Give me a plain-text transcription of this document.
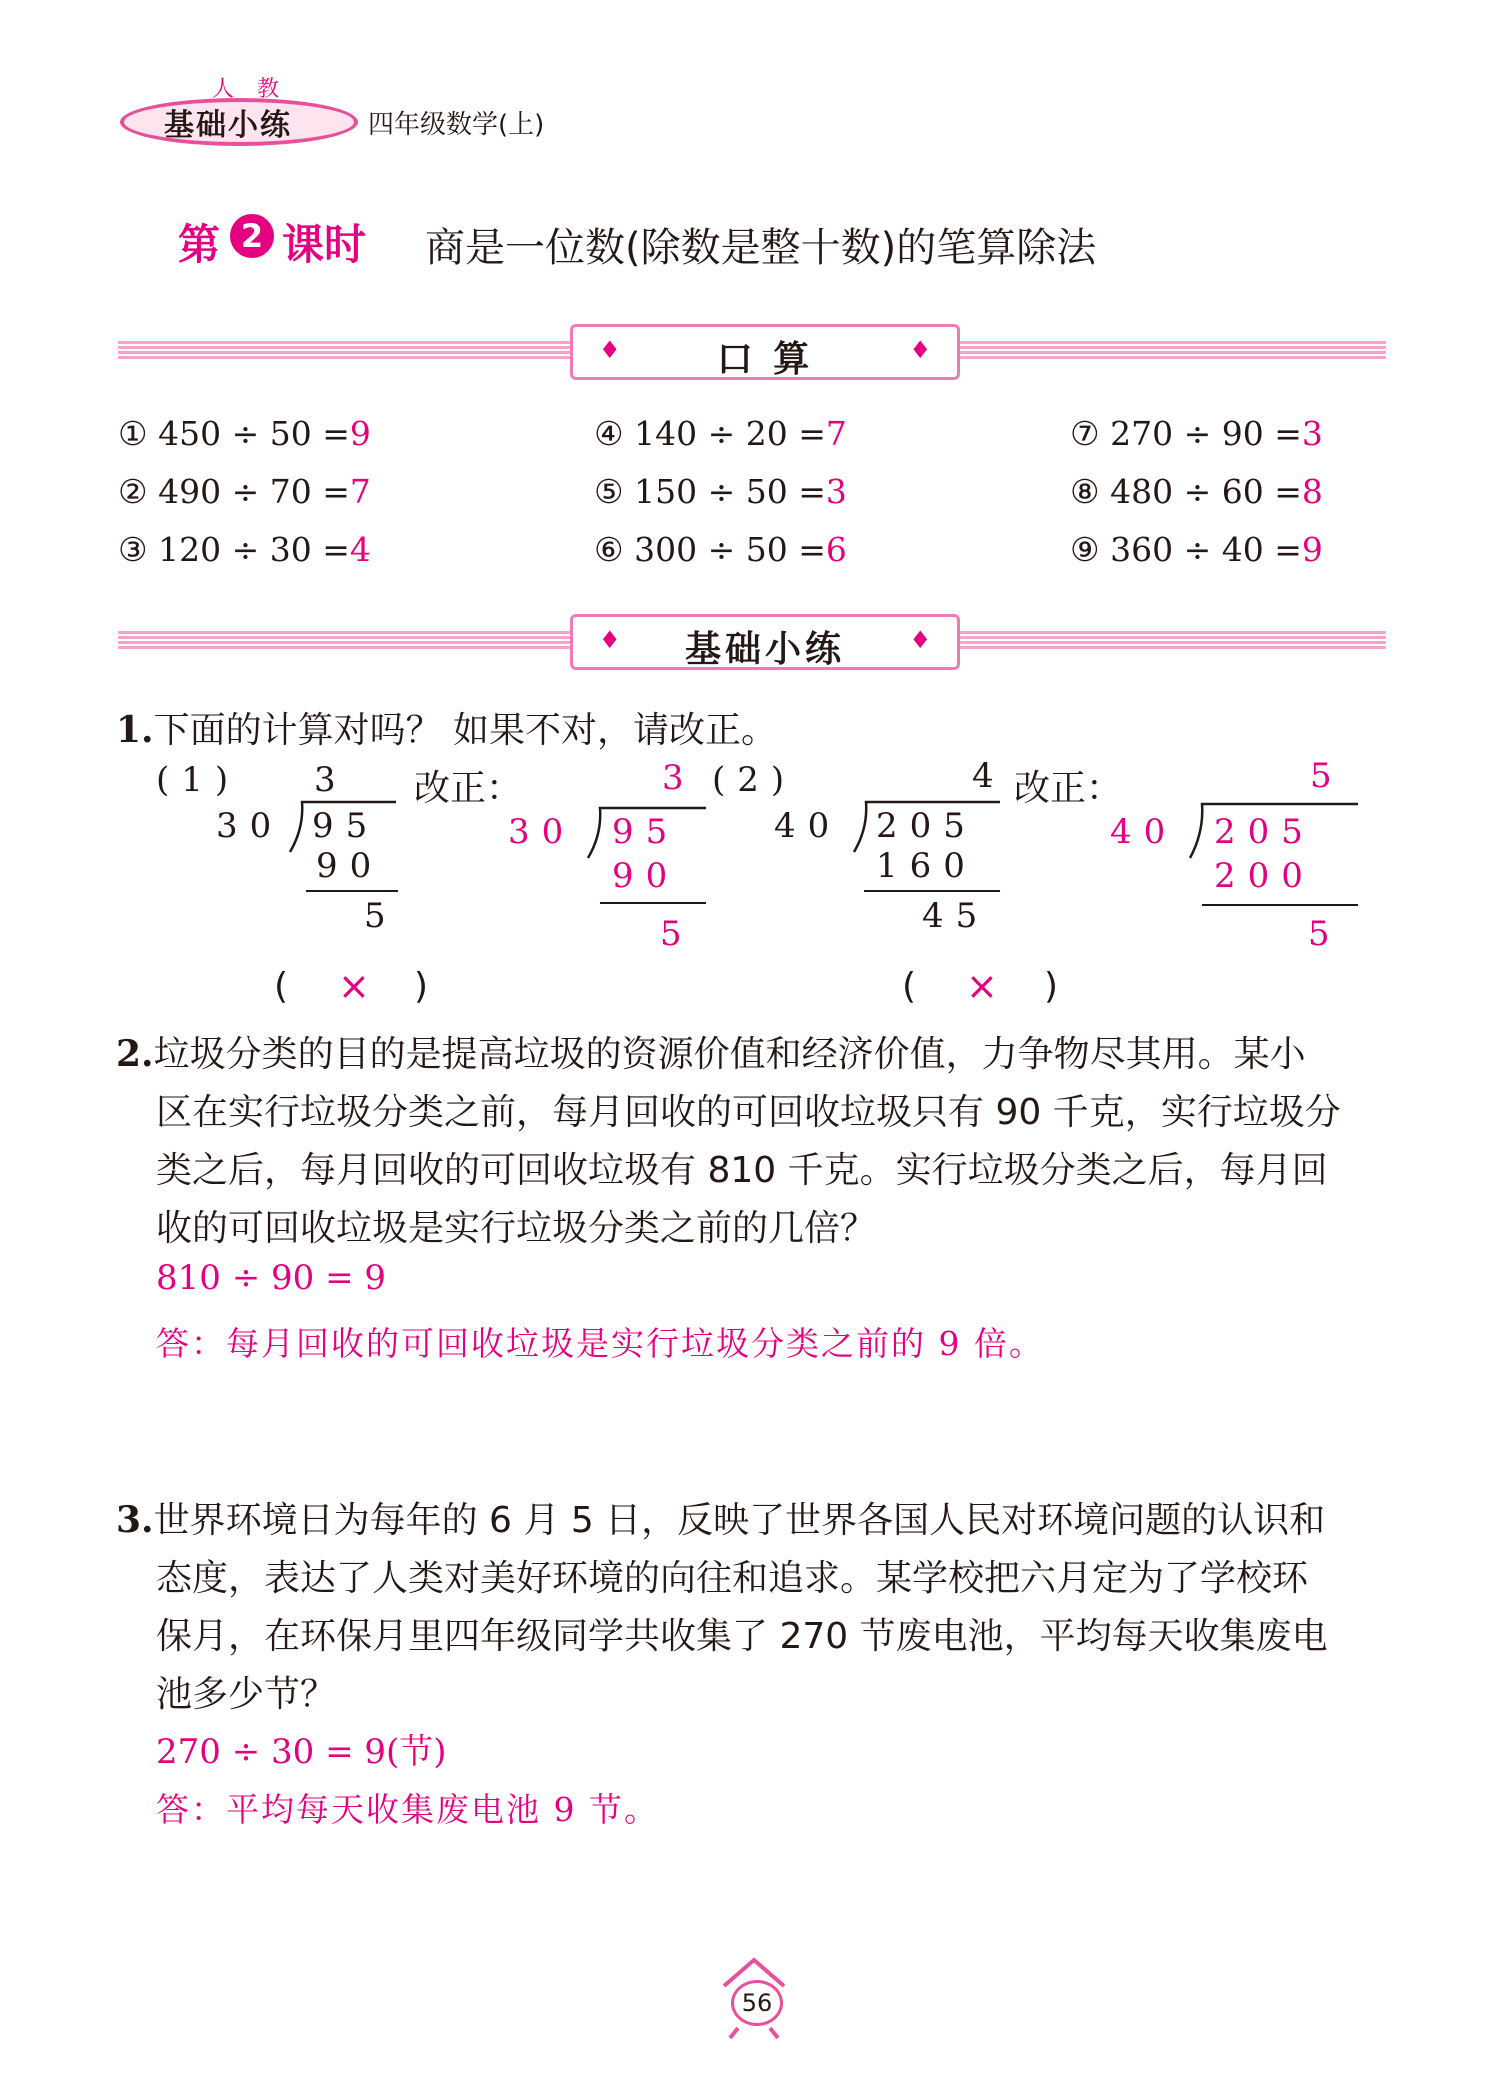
人 教
基础小练	四年级数学(上)
第 2 课时 商是一位数(除数是整十数)的笔算除法
♦	口 算	♦
① 450 ÷ 50 =9
② 490 ÷ 70 =7
③ 120 ÷ 30 =4
④ 140 ÷ 20 =7
⑤ 150 ÷ 50 =3
⑥ 300 ÷ 50 =6
⑦ 270 ÷ 90 =3
⑧ 480 ÷ 60 =8
⑨ 360 ÷ 40 =9
♦	基础小练	♦
1.下面的计算对吗？ 如果不对，请改正。
(1) 3
30 95
90
5
改正：	3
30 95
90
5
( × )
(2)	4
40 205
160
45
改正：	5
40 205
200
5
( × )
2.垃圾分类的目的是提高垃圾的资源价值和经济价值，力争物尽其用。某小
区在实行垃圾分类之前，每月回收的可回收垃圾只有 90 千克，实行垃圾分
类之后，每月回收的可回收垃圾有 810 千克。实行垃圾分类之后，每月回
收的可回收垃圾是实行垃圾分类之前的几倍？
810 ÷ 90 = 9
答：每月回收的可回收垃圾是实行垃圾分类之前的 9 倍。
3.世界环境日为每年的 6 月 5 日，反映了世界各国人民对环境问题的认识和
态度，表达了人类对美好环境的向往和追求。某学校把六月定为了学校环
保月，在环保月里四年级同学共收集了 270 节废电池，平均每天收集废电
池多少节？
270 ÷ 30 = 9(节)
答：平均每天收集废电池 9 节。
56
